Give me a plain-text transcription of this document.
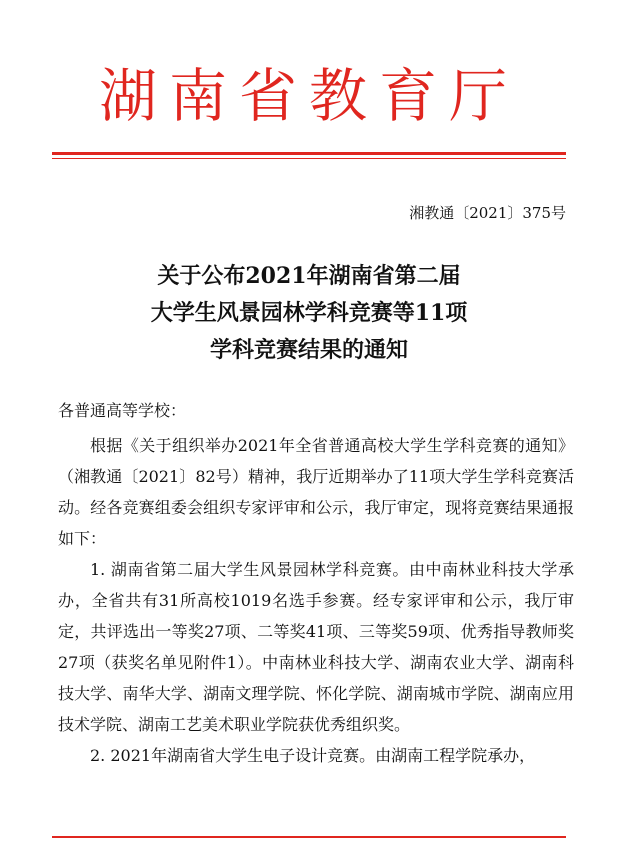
湖南省教育厅
湘教通〔2021〕375号
关于公布2021年湖南省第二届
大学生风景园林学科竞赛等11项
学科竞赛结果的通知
各普通高等学校：

根据《关于组织举办2021年全省普通高校大学生学科竞赛的通知》（湘教通〔2021〕82号）精神，我厅近期举办了11项大学生学科竞赛活动。经各竞赛组委会组织专家评审和公示，我厅审定，现将竞赛结果通报如下：

1. 湖南省第二届大学生风景园林学科竞赛。由中南林业科技大学承办，全省共有31所高校1019名选手参赛。经专家评审和公示，我厅审定，共评选出一等奖27项、二等奖41项、三等奖59项、优秀指导教师奖27项（获奖名单见附件1）。中南林业科技大学、湖南农业大学、湖南科技大学、南华大学、湖南文理学院、怀化学院、湖南城市学院、湖南应用技术学院、湖南工艺美术职业学院获优秀组织奖。

2. 2021年湖南省大学生电子设计竞赛。由湖南工程学院承办，
